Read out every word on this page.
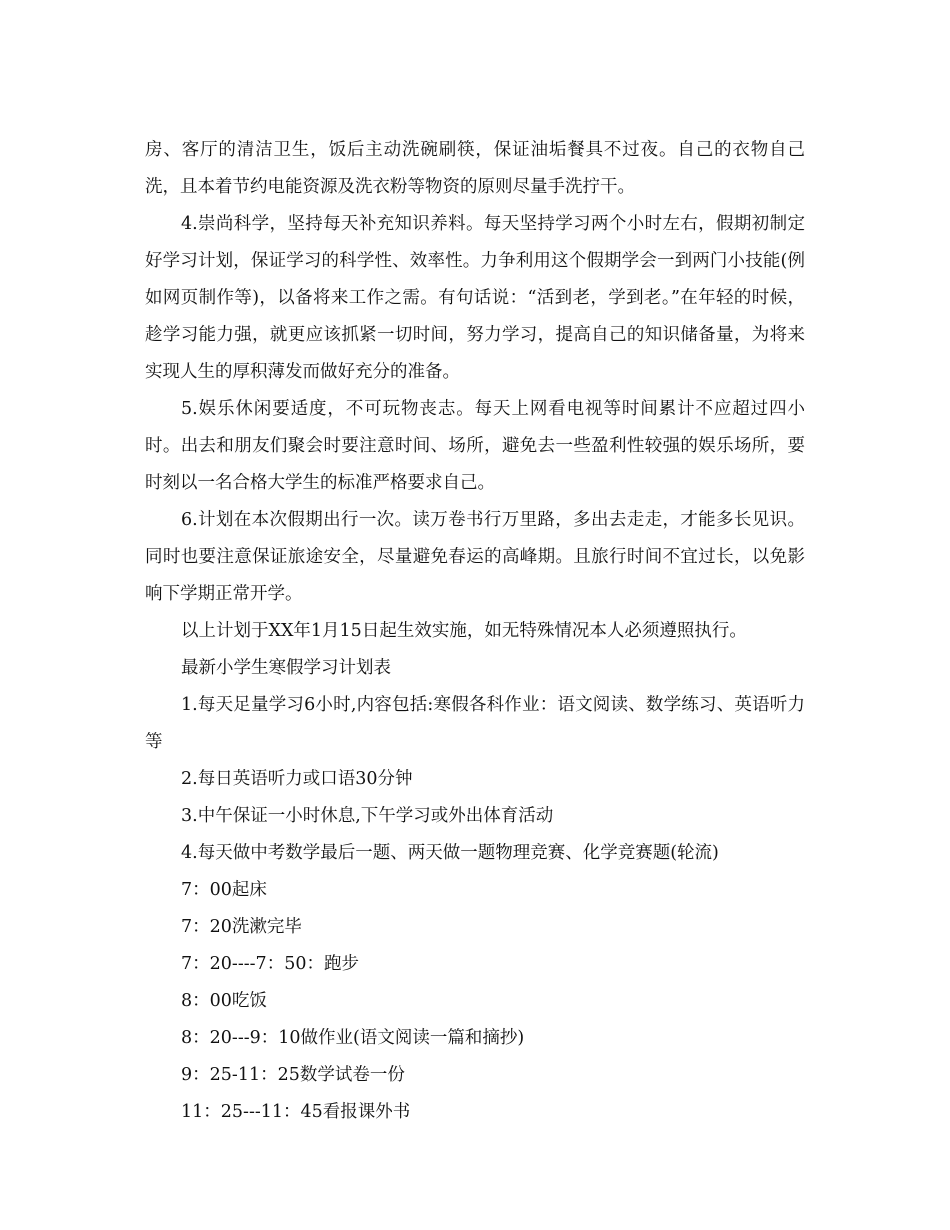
房、客厅的清洁卫生，饭后主动洗碗刷筷，保证油垢餐具不过夜。自己的衣物自己洗，且本着节约电能资源及洗衣粉等物资的原则尽量手洗拧干。

4.崇尚科学，坚持每天补充知识养料。每天坚持学习两个小时左右，假期初制定好学习计划，保证学习的科学性、效率性。力争利用这个假期学会一到两门小技能(例如网页制作等)，以备将来工作之需。有句话说：“活到老，学到老。”在年轻的时候，趁学习能力强，就更应该抓紧一切时间，努力学习，提高自己的知识储备量，为将来实现人生的厚积薄发而做好充分的准备。

5.娱乐休闲要适度，不可玩物丧志。每天上网看电视等时间累计不应超过四小时。出去和朋友们聚会时要注意时间、场所，避免去一些盈利性较强的娱乐场所，要时刻以一名合格大学生的标准严格要求自己。

6.计划在本次假期出行一次。读万卷书行万里路，多出去走走，才能多长见识。同时也要注意保证旅途安全，尽量避免春运的高峰期。且旅行时间不宜过长，以免影响下学期正常开学。

以上计划于XX年1月15日起生效实施，如无特殊情况本人必须遵照执行。

最新小学生寒假学习计划表

1.每天足量学习6小时,内容包括:寒假各科作业：语文阅读、数学练习、英语听力等

2.每日英语听力或口语30分钟

3.中午保证一小时休息,下午学习或外出体育活动

4.每天做中考数学最后一题、两天做一题物理竞赛、化学竞赛题(轮流)

7：00起床

7：20洗漱完毕

7：20----7：50：跑步

8：00吃饭

8：20---9：10做作业(语文阅读一篇和摘抄)

9：25-11：25数学试卷一份

11：25---11：45看报课外书
